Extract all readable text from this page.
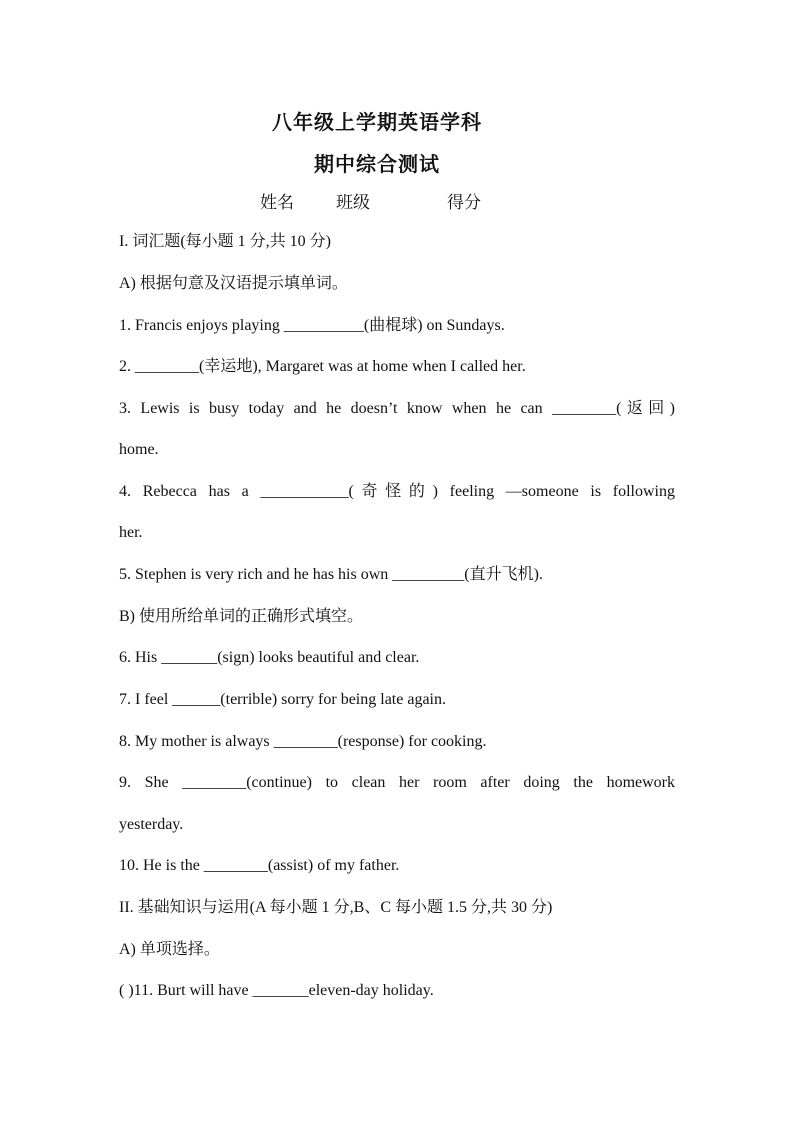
八年级上学期英语学科
期中综合测试
姓名 班级	得分
I. 词汇题(每小题 1 分,共 10 分)
A) 根据句意及汉语提示填单词。
1. Francis enjoys playing __________(曲棍球) on Sundays.
2. ________(幸运地), Margaret was at home when I called her.
3. Lewis is busy today and he doesn’t know when he can ________(返回)
home.
4. Rebecca has a ___________(奇怪的) feeling —someone is following
her.
5. Stephen is very rich and he has his own _________(直升飞机).
B) 使用所给单词的正确形式填空。
6. His _______(sign) looks beautiful and clear.
7. I feel ______(terrible) sorry for being late again.
8. My mother is always ________(response) for cooking.
9. She ________(continue) to clean her room after doing the homework
yesterday.
10. He is the ________(assist) of my father.
II. 基础知识与运用(A 每小题 1 分,B、C 每小题 1.5 分,共 30 分)
A) 单项选择。
( )11. Burt will have _______eleven-day holiday.
